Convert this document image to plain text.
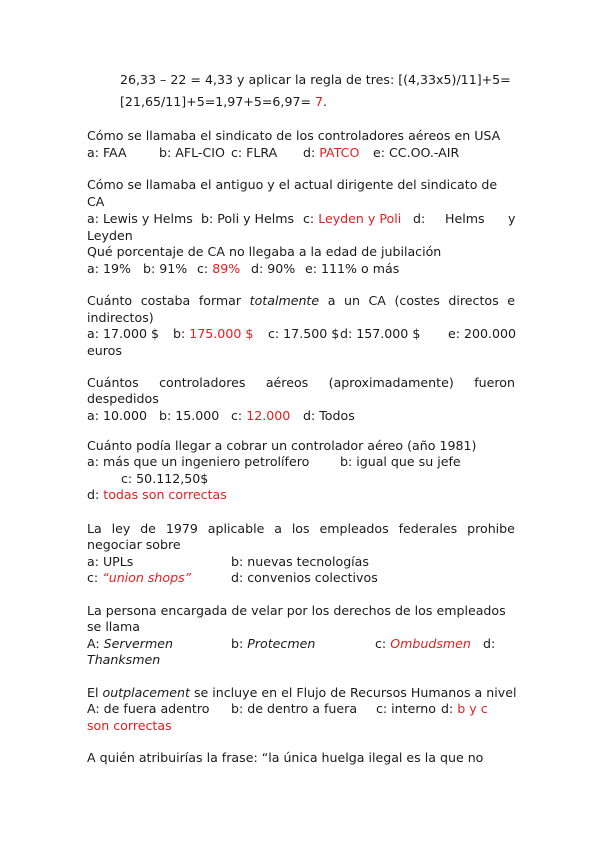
26,33 – 22 = 4,33 y aplicar la regla de tres: [(4,33x5)/11]+5=
[21,65/11]+5=1,97+5=6,97= 7.
Cómo se llamaba el sindicato de los controladores aéreos en USA
a: FAA	b: AFL-CIO c: FLRA d: PATCO e: CC.OO.-AIR
Cómo se llamaba el antiguo y el actual dirigente del sindicato de
CA
a: Lewis y Helms b: Poli y Helms c: Leyden y Poli d: Helms y
Leyden
Qué porcentaje de CA no llegaba a la edad de jubilación
a: 19% b: 91% c: 89% d: 90% e: 111% o más
Cuánto costaba formar totalmente a un CA (costes directos e
indirectos)
a: 17.000 $ b: 175.000 $ c: 17.500 $ d: 157.000 $ e: 200.000
euros
Cuántos controladores aéreos (aproximadamente) fueron
despedidos
a: 10.000 b: 15.000 c: 12.000 d: Todos
Cuánto podía llegar a cobrar un controlador aéreo (año 1981)
a: más que un ingeniero petrolífero b: igual que su jefe
c: 50.112,50$
d: todas son correctas
La ley de 1979 aplicable a los empleados federales prohibe
negociar sobre
a: UPLs	b: nuevas tecnologías
c: “union shops”	d: convenios colectivos
La persona encargada de velar por los derechos de los empleados
se llama
A: Servermen	b: Protecmen	c: Ombudsmen d:
Thanksmen
El outplacement se incluye en el Flujo de Recursos Humanos a nivel
A: de fuera adentro b: de dentro a fuera c: interno d: b y c
son correctas
A quién atribuirías la frase: “la única huelga ilegal es la que no
